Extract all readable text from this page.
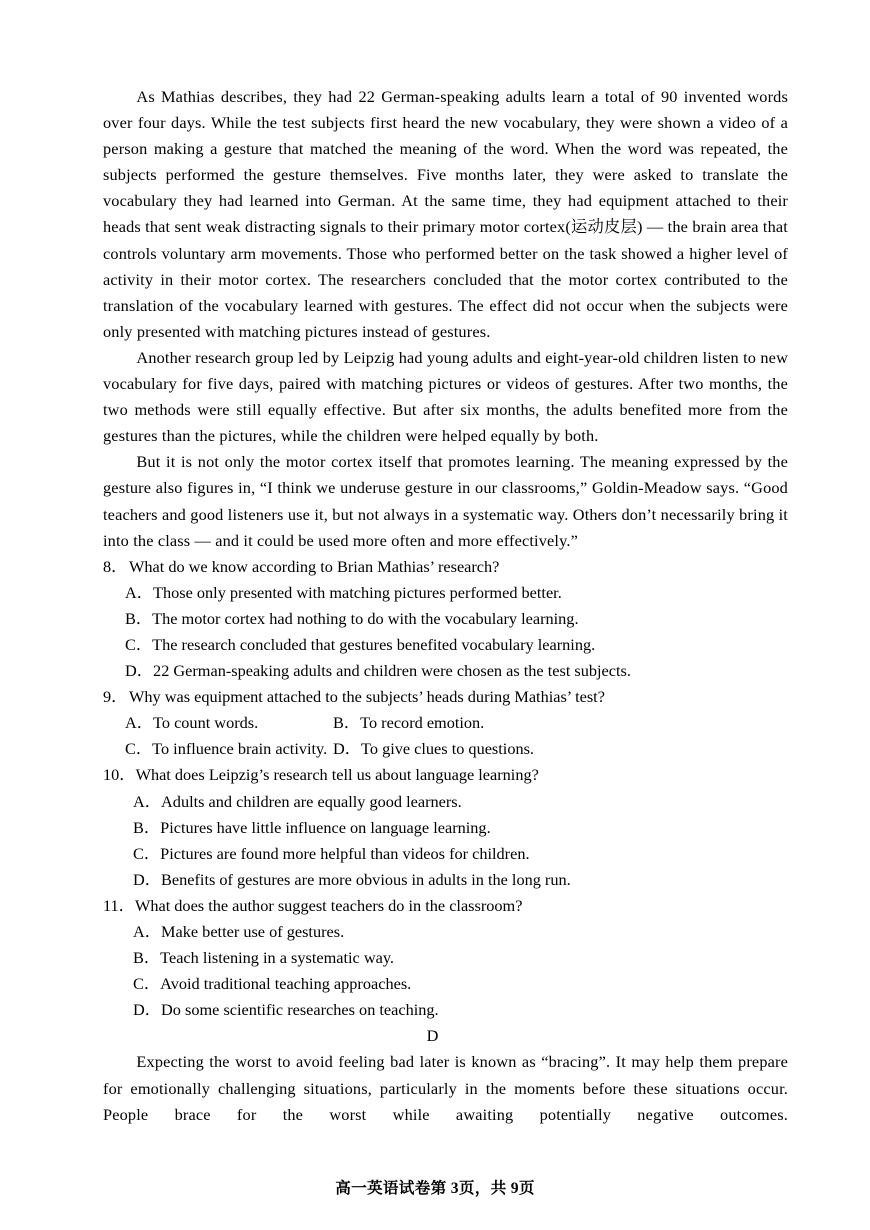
As Mathias describes, they had 22 German-speaking adults learn a total of 90 invented words over four days. While the test subjects first heard the new vocabulary, they were shown a video of a person making a gesture that matched the meaning of the word. When the word was repeated, the subjects performed the gesture themselves. Five months later, they were asked to translate the vocabulary they had learned into German. At the same time, they had equipment attached to their heads that sent weak distracting signals to their primary motor cortex(运动皮层) — the brain area that controls voluntary arm movements. Those who performed better on the task showed a higher level of activity in their motor cortex. The researchers concluded that the motor cortex contributed to the translation of the vocabulary learned with gestures. The effect did not occur when the subjects were only presented with matching pictures instead of gestures.

Another research group led by Leipzig had young adults and eight-year-old children listen to new vocabulary for five days, paired with matching pictures or videos of gestures. After two months, the two methods were still equally effective. But after six months, the adults benefited more from the gestures than the pictures, while the children were helped equally by both.

But it is not only the motor cortex itself that promotes learning. The meaning expressed by the gesture also figures in, “I think we underuse gesture in our classrooms,” Goldin-Meadow says. “Good teachers and good listeners use it, but not always in a systematic way. Others don’t necessarily bring it into the class — and it could be used more often and more effectively.”

8．What do we know according to Brian Mathias’ research?

A．Those only presented with matching pictures performed better.
B．The motor cortex had nothing to do with the vocabulary learning.
C．The research concluded that gestures benefited vocabulary learning.
D．22 German-speaking adults and children were chosen as the test subjects.

9．Why was equipment attached to the subjects’ heads during Mathias’ test?

A．To count words.	B．To record emotion.
C．To influence brain activity. D．To give clues to questions.

10．What does Leipzig’s research tell us about language learning?

A．Adults and children are equally good learners.
B．Pictures have little influence on language learning.
C．Pictures are found more helpful than videos for children.
D．Benefits of gestures are more obvious in adults in the long run.

11．What does the author suggest teachers do in the classroom?

A．Make better use of gestures.
B．Teach listening in a systematic way.
C．Avoid traditional teaching approaches.
D．Do some scientific researches on teaching.

D

Expecting the worst to avoid feeling bad later is known as “bracing”. It may help them prepare for emotionally challenging situations, particularly in the moments before these situations occur. People brace for the worst while awaiting potentially negative outcomes.

高一英语试卷第 3页，共 9页
